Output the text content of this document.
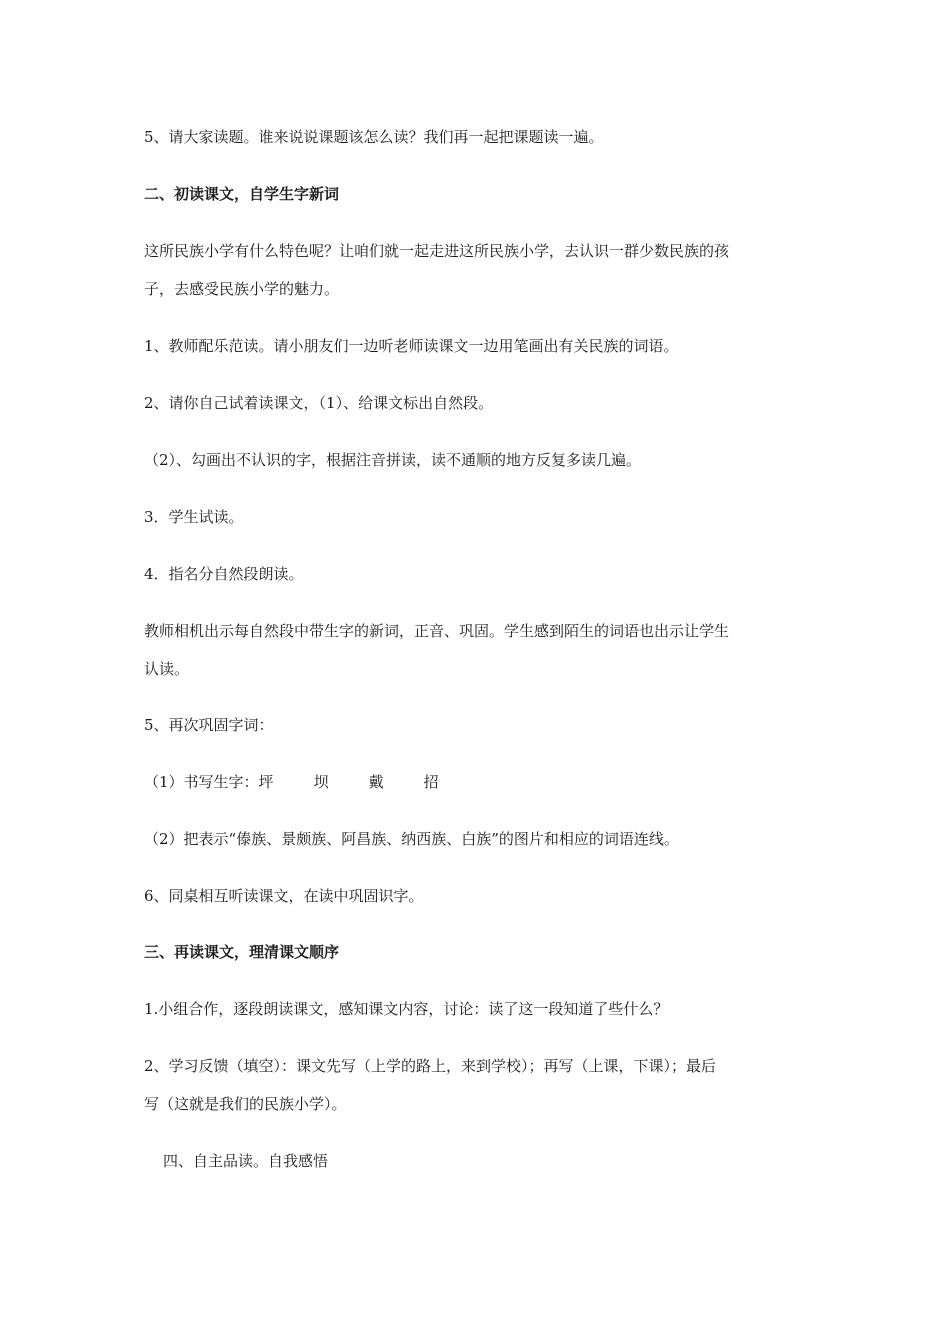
5、请大家读题。谁来说说课题该怎么读？我们再一起把课题读一遍。

二、初读课文，自学生字新词

这所民族小学有什么特色呢？让咱们就一起走进这所民族小学，去认识一群少数民族的孩

子，去感受民族小学的魅力。

1、教师配乐范读。请小朋友们一边听老师读课文一边用笔画出有关民族的词语。

2、请你自己试着读课文，（1）、给课文标出自然段。

（2）、勾画出不认识的字，根据注音拼读，读不通顺的地方反复多读几遍。

3．学生试读。

4．指名分自然段朗读。

教师相机出示每自然段中带生字的新词，正音、巩固。学生感到陌生的词语也出示让学生

认读。

5、再次巩固字词：

（1）书写生字：坪	坝	戴	招

（2）把表示“傣族、景颇族、阿昌族、纳西族、白族”的图片和相应的词语连线。

6、同桌相互听读课文，在读中巩固识字。

三、再读课文，理清课文顺序

1.小组合作，逐段朗读课文，感知课文内容，讨论：读了这一段知道了些什么？

2、学习反馈（填空）：课文先写（上学的路上，来到学校）；再写（上课，下课）；最后

写（这就是我们的民族小学）。

四、自主品读。自我感悟
